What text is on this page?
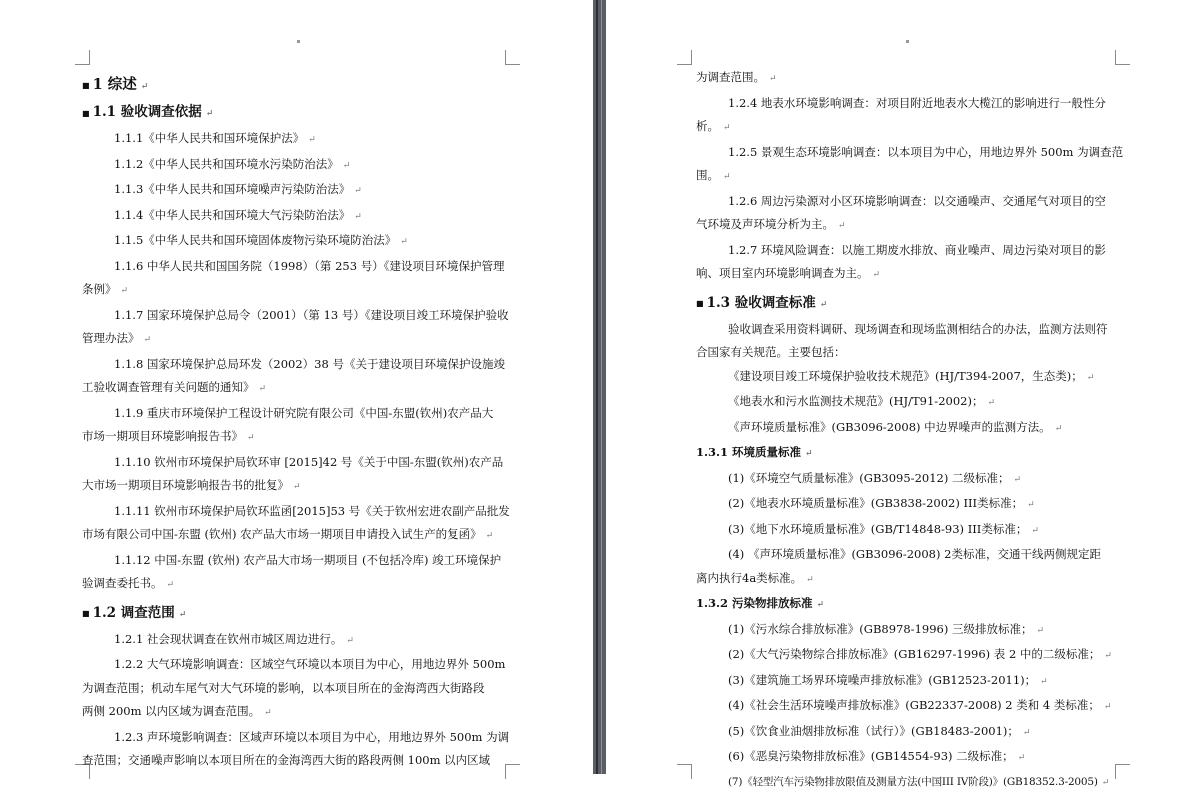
■ 1 综述 ↵
■ 1.1 验收调查依据 ↵
1.1.1《中华人民共和国环境保护法》 ↵
1.1.2《中华人民共和国环境水污染防治法》 ↵
1.1.3《中华人民共和国环境噪声污染防治法》 ↵
1.1.4《中华人民共和国环境大气污染防治法》 ↵
1.1.5《中华人民共和国环境固体废物污染环境防治法》 ↵
1.1.6 中华人民共和国国务院（1998）（第 253 号）《建设项目环境保护管理
条例》 ↵
1.1.7 国家环境保护总局令（2001）（第 13 号）《建设项目竣工环境保护验收
管理办法》 ↵
1.1.8 国家环境保护总局环发（2002）38 号《关于建设项目环境保护设施竣
工验收调查管理有关问题的通知》 ↵
1.1.9 重庆市环境保护工程设计研究院有限公司《中国-东盟(钦州)农产品大
市场一期项目环境影响报告书》 ↵
1.1.10 钦州市环境保护局钦环审 [2015]42 号《关于中国-东盟(钦州)农产品
大市场一期项目环境影响报告书的批复》 ↵
1.1.11 钦州市环境保护局钦环监函[2015]53 号《关于钦州宏进农副产品批发
市场有限公司中国-东盟 (钦州) 农产品大市场一期项目申请投入试生产的复函》 ↵
1.1.12 中国-东盟 (钦州) 农产品大市场一期项目 (不包括冷库) 竣工环境保护
验调查委托书。 ↵
■ 1.2 调查范围 ↵
1.2.1 社会现状调查在钦州市城区周边进行。 ↵
1.2.2 大气环境影响调查：区域空气环境以本项目为中心，用地边界外 500m
为调查范围；机动车尾气对大气环境的影响，以本项目所在的金海湾西大街路段
两侧 200m 以内区域为调查范围。 ↵
1.2.3 声环境影响调查：区域声环境以本项目为中心，用地边界外 500m 为调
查范围；交通噪声影响以本项目所在的金海湾西大街的路段两侧 100m 以内区域
为调查范围。 ↵
1.2.4 地表水环境影响调查：对项目附近地表水大榄江的影响进行一般性分
析。 ↵
1.2.5 景观生态环境影响调查：以本项目为中心，用地边界外 500m 为调查范
围。 ↵
1.2.6 周边污染源对小区环境影响调查：以交通噪声、交通尾气对项目的空
气环境及声环境分析为主。 ↵
1.2.7 环境风险调查：以施工期废水排放、商业噪声、周边污染对项目的影
响、项目室内环境影响调查为主。 ↵
■ 1.3 验收调查标准 ↵
验收调查采用资料调研、现场调查和现场监测相结合的办法，监测方法则符
合国家有关规范。主要包括：
《建设项目竣工环境保护验收技术规范》(HJ/T394-2007，生态类)； ↵
《地表水和污水监测技术规范》(HJ/T91-2002)； ↵
《声环境质量标准》(GB3096-2008) 中边界噪声的监测方法。 ↵
1.3.1 环境质量标准 ↵
(1)《环境空气质量标准》(GB3095-2012) 二级标准； ↵
(2)《地表水环境质量标准》(GB3838-2002) III类标准； ↵
(3)《地下水环境质量标准》(GB/T14848-93) III类标准； ↵
(4) 《声环境质量标准》(GB3096-2008) 2类标准，交通干线两侧规定距
离内执行4a类标准。 ↵
1.3.2 污染物排放标准 ↵
(1)《污水综合排放标准》(GB8978-1996) 三级排放标准； ↵
(2)《大气污染物综合排放标准》(GB16297-1996) 表 2 中的二级标准； ↵
(3)《建筑施工场界环境噪声排放标准》(GB12523-2011)； ↵
(4)《社会生活环境噪声排放标准》(GB22337-2008) 2 类和 4 类标准； ↵
(5)《饮食业油烟排放标准（试行）》(GB18483-2001)； ↵
(6)《恶臭污染物排放标准》(GB14554-93) 二级标准； ↵
(7)《轻型汽车污染物排放限值及测量方法(中国III IV阶段)》(GB18352.3-2005) ↵
